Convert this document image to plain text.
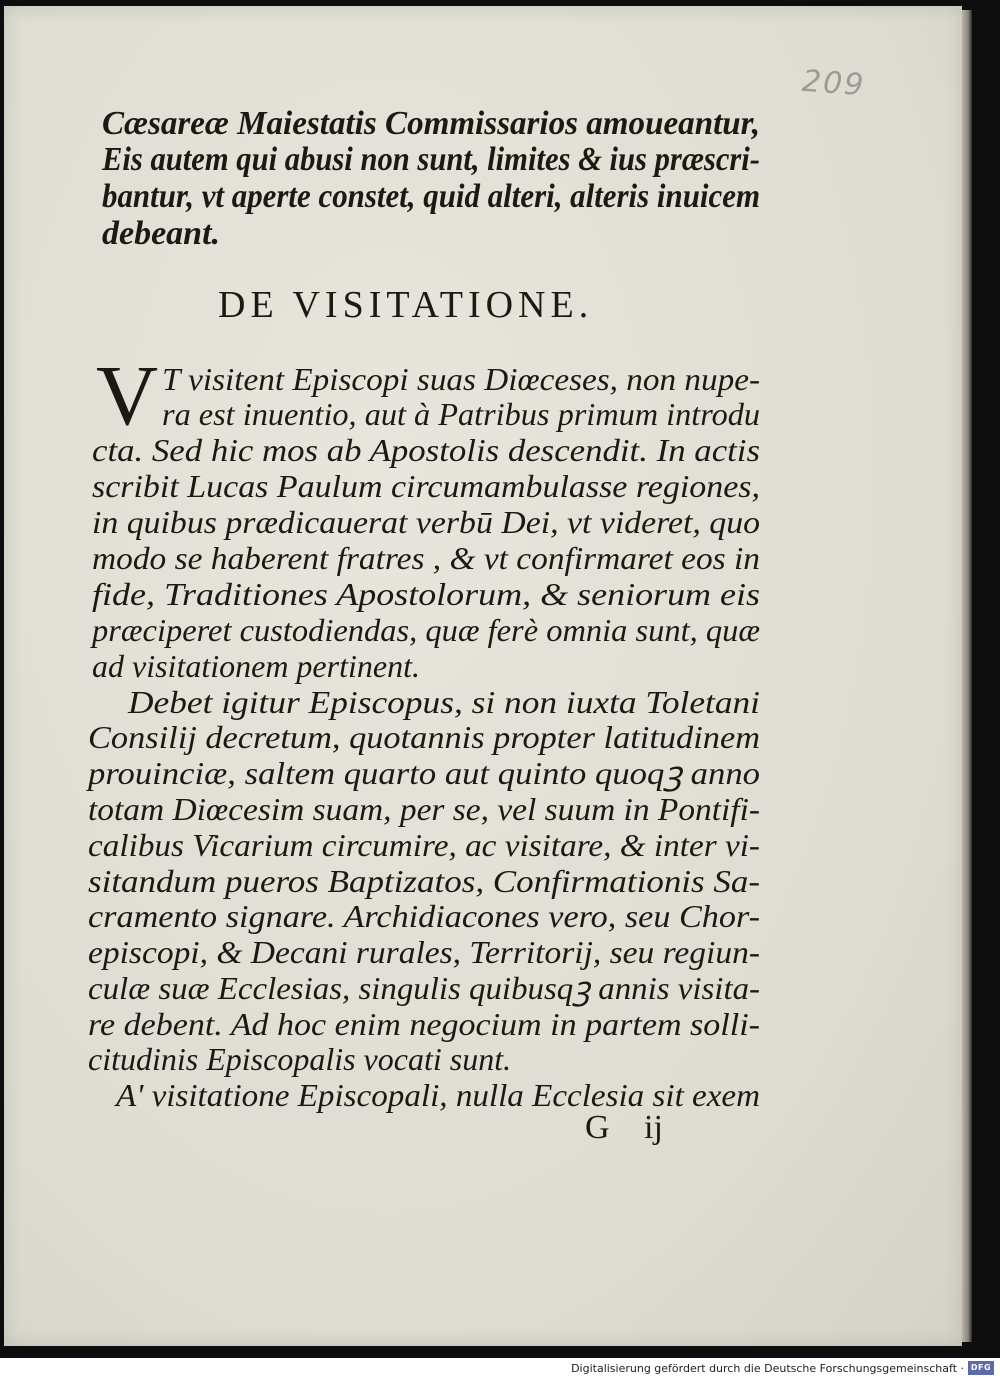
209
Cæsareæ Maiestatis Commissarios amoueantur,
Eis autem qui abusi non sunt, limites & ius præscri-
bantur, vt aperte constet, quid alteri, alteris inuicem
debeant.
DE VISITATIONE.
V T visitent Episcopi suas Diœceses, non nupe-
ra est inuentio, aut à Patribus primum introdu
cta. Sed hic mos ab Apostolis descendit. In actis
scribit Lucas Paulum circumambulasse regiones,
in quibus prædicauerat verbū Dei, vt videret, quo
modo se haberent fratres , & vt confirmaret eos in
fide, Traditiones Apostolorum, & seniorum eis
præciperet custodiendas, quæ ferè omnia sunt, quæ
ad visitationem pertinent.
Debet igitur Episcopus, si non iuxta Toletani
Consilij decretum, quotannis propter latitudinem
prouinciæ, saltem quarto aut quinto quoqꝫ anno
totam Diœcesim suam, per se, vel suum in Pontifi-
calibus Vicarium circumire, ac visitare, & inter vi-
sitandum pueros Baptizatos, Confirmationis Sa-
cramento signare. Archidiacones vero, seu Chor-
episcopi, & Decani rurales, Territorij, seu regiun-
culæ suæ Ecclesias, singulis quibusqꝫ annis visita-
re debent. Ad hoc enim negocium in partem solli-
citudinis Episcopalis vocati sunt.
A' visitatione Episcopali, nulla Ecclesia sit exem
G ij
Digitalisierung gefördert durch die Deutsche Forschungsgemeinschaft · DFG
